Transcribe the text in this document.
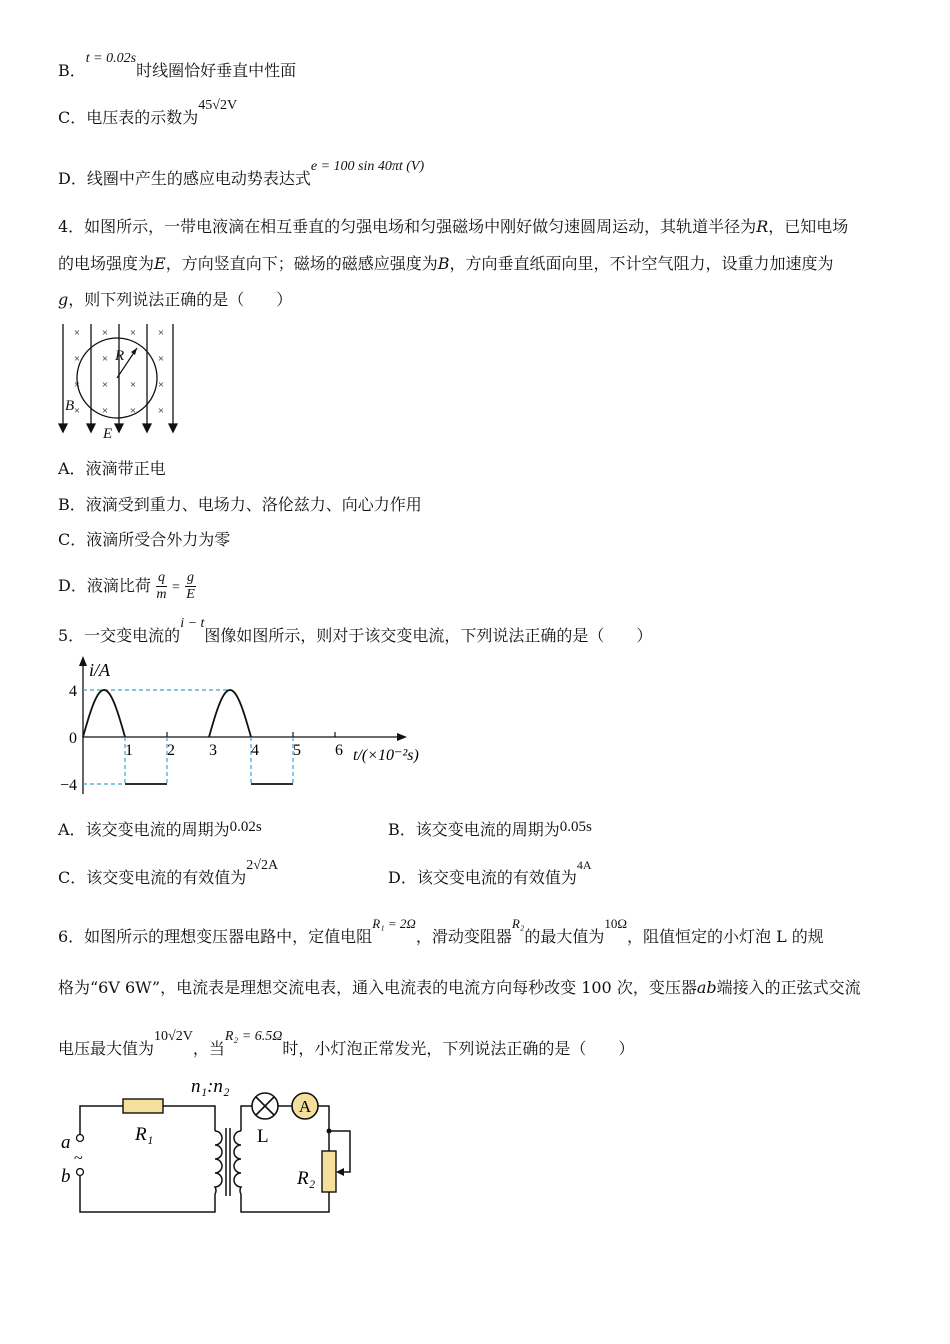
B．t = 0.02s时线圈恰好垂直中性面
C．电压表的示数为45√2V
D．线圈中产生的感应电动势表达式e = 100 sin 40πt (V)
4．如图所示，一带电液滴在相互垂直的匀强电场和匀强磁场中刚好做匀速圆周运动，其轨道半径为R，已知电场
的电场强度为E，方向竖直向下；磁场的磁感应强度为B，方向垂直纸面向里，不计空气阻力，设重力加速度为
g，则下列说法正确的是（　　）
× × × ×
× ×	×
× × × ×
× × × ×
R
B
E
A．液滴带正电
B．液滴受到重力、电场力、洛伦兹力、向心力作用
C．液滴所受合外力为零
D．液滴比荷 $\frac{q}{m} = \frac{g}{E}$
5．一交变电流的i − t图像如图所示，则对于该交变电流，下列说法正确的是（　　）
i/A
t/(×10⁻²s)
4
0
−4
1 2 3 4 5 6
A．该交变电流的周期为0.02s	B．该交变电流的周期为0.05s
C．该交变电流的有效值为2√2A
D．该交变电流的有效值为$^{4A}$
6．如图所示的理想变压器电路中，定值电阻$^{R_1 = 2\Omega}$，滑动变阻器$^{R_2}$的最大值为$^{10\Omega}$，阻值恒定的小灯泡 L 的规
格为“6V 6W”，电流表是理想交流电表，通入电流表的电流方向每秒改变 100 次，变压器ab端接入的正弦式交流
电压最大值为10√2V，当R₂ = 6.5Ω时，小灯泡正常发光，下列说法正确的是（　　）
A
n₁:n₂
R₁	L
R₂
a
b
~
